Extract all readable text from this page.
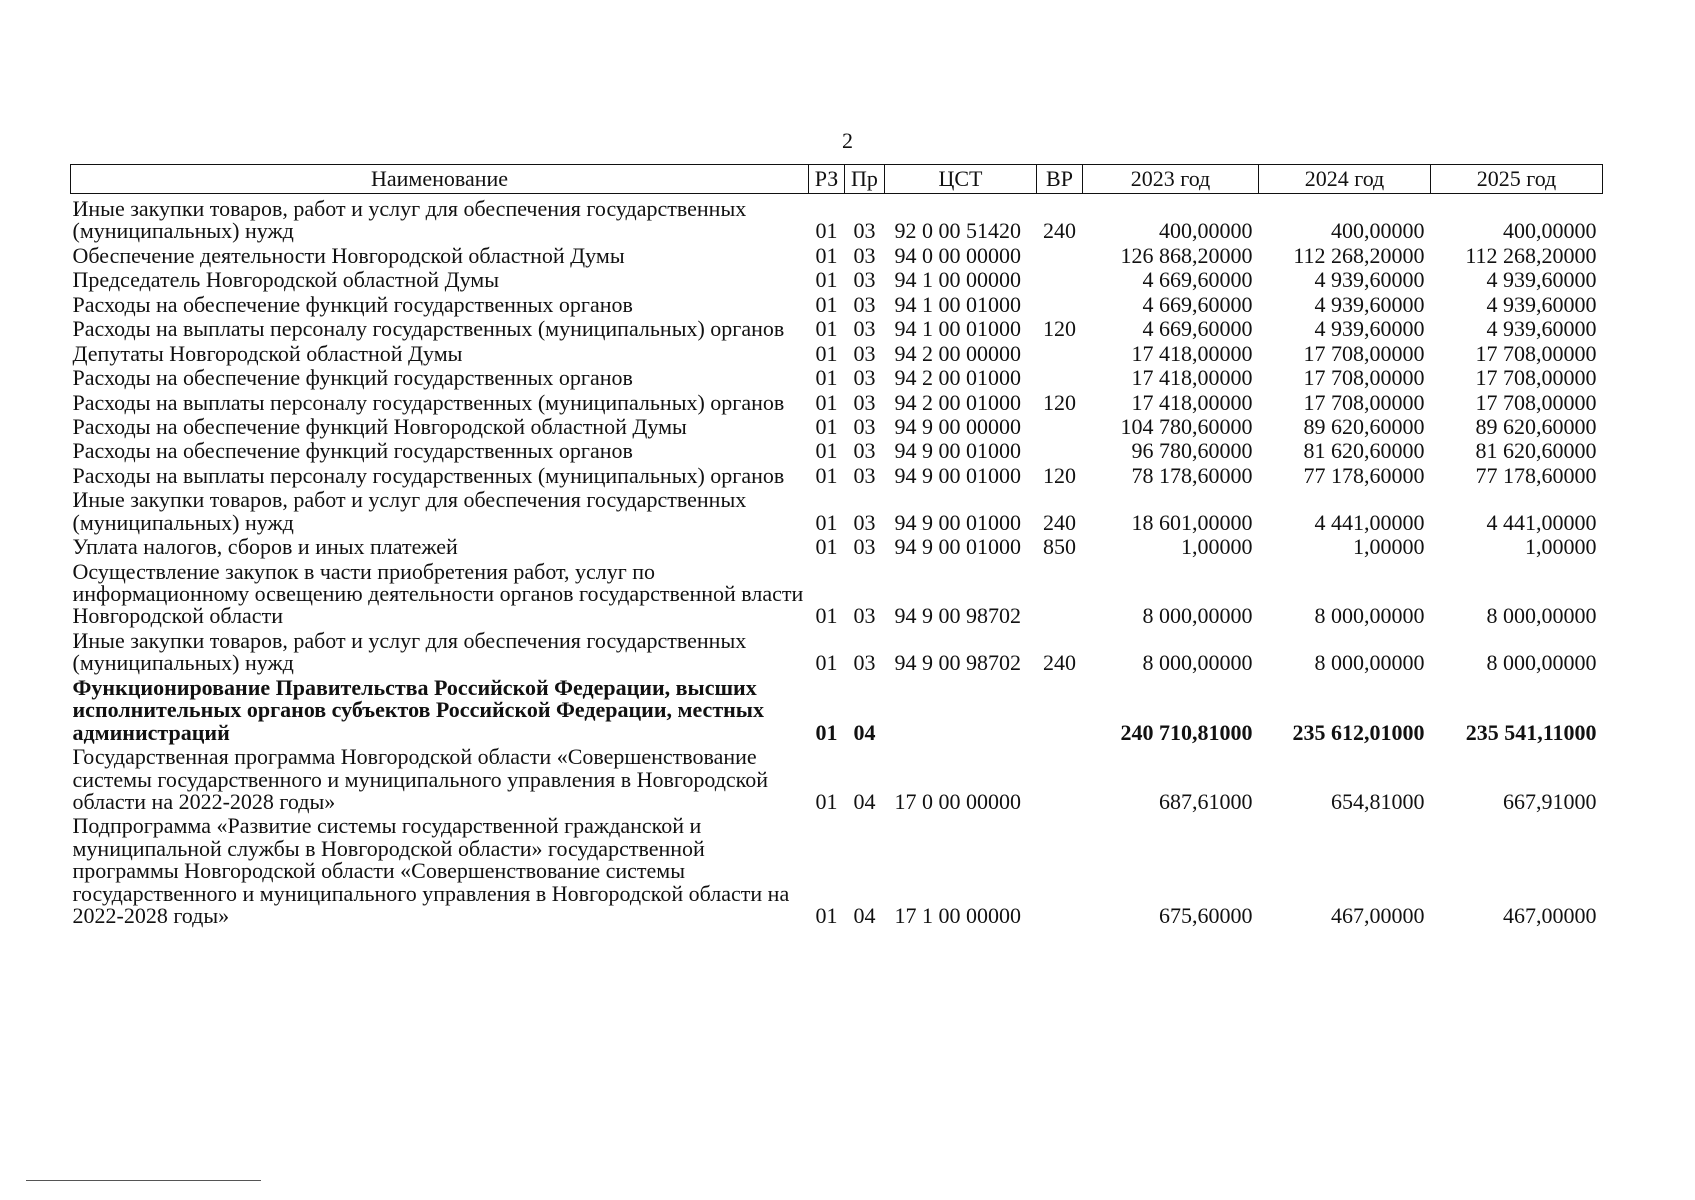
2
Наименование	РЗ	Пр	ЦСТ	ВР	2023 год	2024 год	2025 год
Иные закупки товаров, работ и услуг для обеспечения государственных (муниципальных) нужд	01	03	92 0 00 51420	240	400,00000	400,00000	400,00000
Обеспечение деятельности Новгородской областной Думы	01	03	94 0 00 00000		126 868,20000	112 268,20000	112 268,20000
Председатель Новгородской областной Думы	01	03	94 1 00 00000		4 669,60000	4 939,60000	4 939,60000
Расходы на обеспечение функций государственных органов	01	03	94 1 00 01000		4 669,60000	4 939,60000	4 939,60000
Расходы на выплаты персоналу государственных (муниципальных) органов	01	03	94 1 00 01000	120	4 669,60000	4 939,60000	4 939,60000
Депутаты Новгородской областной Думы	01	03	94 2 00 00000		17 418,00000	17 708,00000	17 708,00000
Расходы на обеспечение функций государственных органов	01	03	94 2 00 01000		17 418,00000	17 708,00000	17 708,00000
Расходы на выплаты персоналу государственных (муниципальных) органов	01	03	94 2 00 01000	120	17 418,00000	17 708,00000	17 708,00000
Расходы на обеспечение функций Новгородской областной Думы	01	03	94 9 00 00000		104 780,60000	89 620,60000	89 620,60000
Расходы на обеспечение функций государственных органов	01	03	94 9 00 01000		96 780,60000	81 620,60000	81 620,60000
Расходы на выплаты персоналу государственных (муниципальных) органов	01	03	94 9 00 01000	120	78 178,60000	77 178,60000	77 178,60000
Иные закупки товаров, работ и услуг для обеспечения государственных (муниципальных) нужд	01	03	94 9 00 01000	240	18 601,00000	4 441,00000	4 441,00000
Уплата налогов, сборов и иных платежей	01	03	94 9 00 01000	850	1,00000	1,00000	1,00000
Осуществление закупок в части приобретения работ, услуг по информационному освещению деятельности органов государственной власти Новгородской области	01	03	94 9 00 98702		8 000,00000	8 000,00000	8 000,00000
Иные закупки товаров, работ и услуг для обеспечения государственных (муниципальных) нужд	01	03	94 9 00 98702	240	8 000,00000	8 000,00000	8 000,00000
Функционирование Правительства Российской Федерации, высших исполнительных органов субъектов Российской Федерации, местных администраций	01	04			240 710,81000	235 612,01000	235 541,11000
Государственная программа Новгородской области «Совершенствование системы государственного и муниципального управления в Новгородской области на 2022-2028 годы»	01	04	17 0 00 00000		687,61000	654,81000	667,91000
Подпрограмма «Развитие системы государственной гражданской и муниципальной службы в Новгородской области» государственной программы Новгородской области «Совершенствование системы государственного и муниципального управления в Новгородской области на 2022-2028 годы»	01	04	17 1 00 00000		675,60000	467,00000	467,00000
